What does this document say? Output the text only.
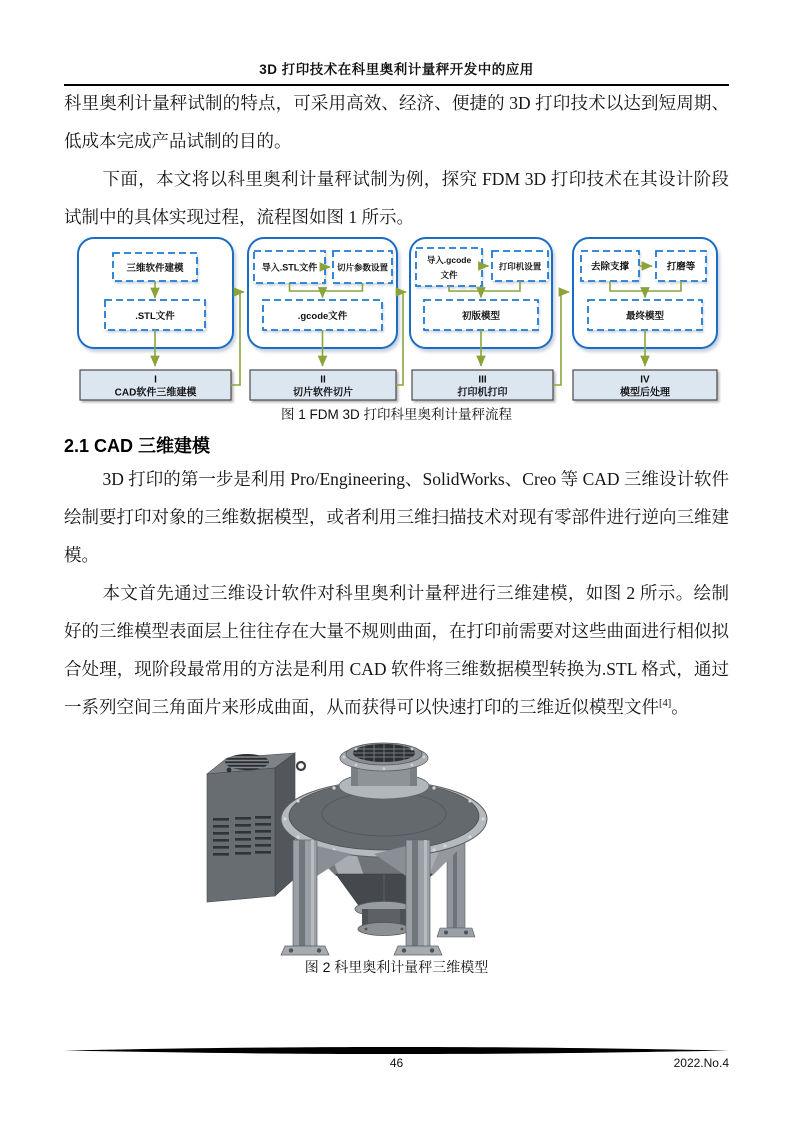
3D 打印技术在科里奥利计量秤开发中的应用

科里奥利计量秤试制的特点，可采用高效、经济、便捷的 3D 打印技术以达到短周期、低成本完成产品试制的目的。

下面，本文将以科里奥利计量秤试制为例，探究 FDM 3D 打印技术在其设计阶段试制中的具体实现过程，流程图如图 1 所示。

三维软件建模
.STL文件
导入.STL文件 切片参数设置
.gcode文件
导入.gcode
文件
打印机设置
初版模型
去除支撑	打磨等
最终模型
I
CAD软件三维建模
II
切片软件切片
III
打印机打印
IV
模型后处理

图 1 FDM 3D 打印科里奥利计量秤流程

2.1 CAD 三维建模

3D 打印的第一步是利用 Pro/Engineering、SolidWorks、Creo 等 CAD 三维设计软件绘制要打印对象的三维数据模型，或者利用三维扫描技术对现有零部件进行逆向三维建模。

本文首先通过三维设计软件对科里奥利计量秤进行三维建模，如图 2 所示。绘制好的三维模型表面层上往往存在大量不规则曲面，在打印前需要对这些曲面进行相似拟合处理，现阶段最常用的方法是利用 CAD 软件将三维数据模型转换为.STL 格式，通过一系列空间三角面片来形成曲面，从而获得可以快速打印的三维近似模型文件[4]。

图 2 科里奥利计量秤三维模型

46	2022.No.4
